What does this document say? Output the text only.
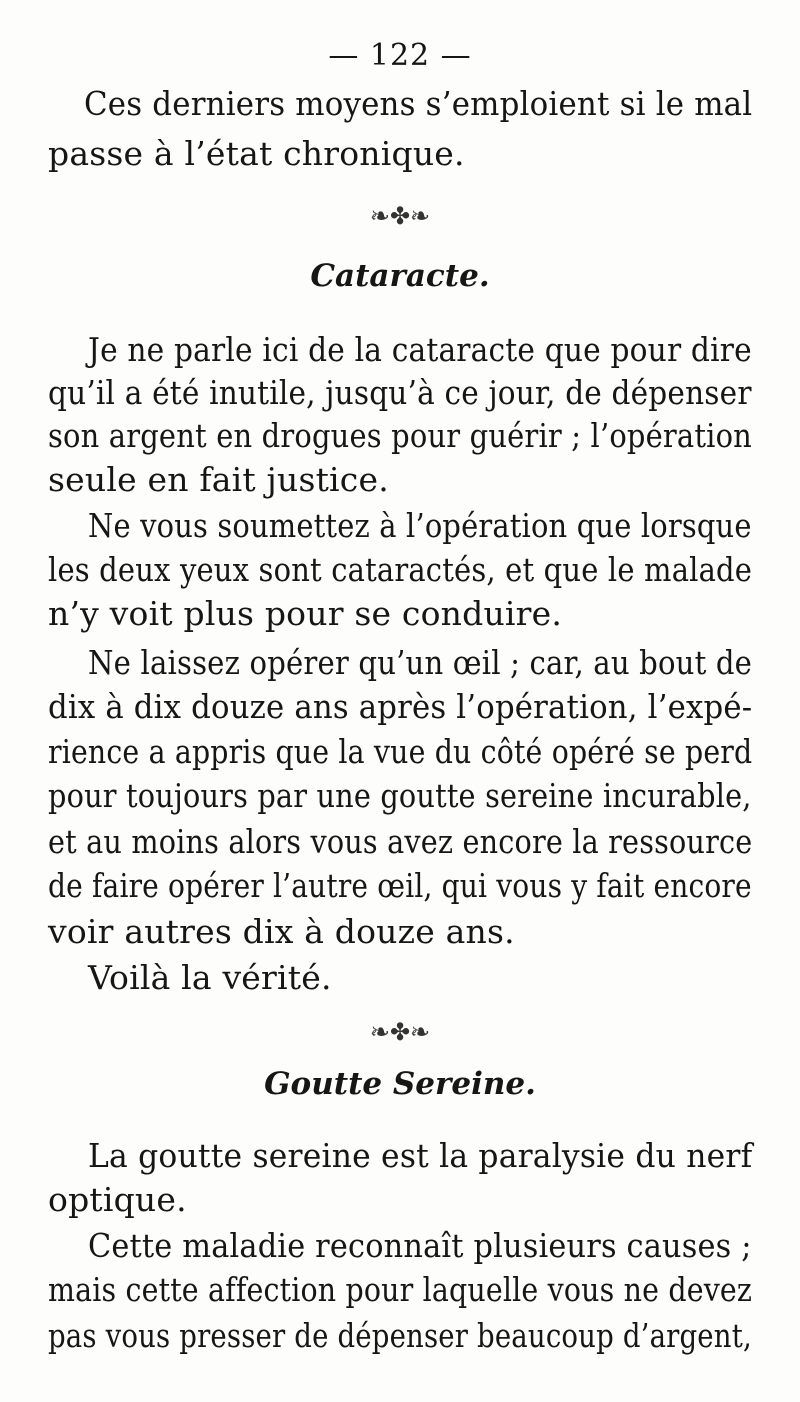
— 122 —
Ces derniers moyens s’emploient si le mal
passe à l’état chronique.
❧✤❧
Cataracte.
Je ne parle ici de la cataracte que pour dire
qu’il a été inutile, jusqu’à ce jour, de dépenser
son argent en drogues pour guérir ; l’opération
seule en fait justice.
Ne vous soumettez à l’opération que lorsque
les deux yeux sont cataractés, et que le malade
n’y voit plus pour se conduire.
Ne laissez opérer qu’un œil ; car, au bout de
dix à dix douze ans après l’opération, l’expé-
rience a appris que la vue du côté opéré se perd
pour toujours par une goutte sereine incurable,
et au moins alors vous avez encore la ressource
de faire opérer l’autre œil, qui vous y fait encore
voir autres dix à douze ans.
Voilà la vérité.
❧✤❧
Goutte Sereine.
La goutte sereine est la paralysie du nerf
optique.
Cette maladie reconnaît plusieurs causes ;
mais cette affection pour laquelle vous ne devez
pas vous presser de dépenser beaucoup d’argent,
